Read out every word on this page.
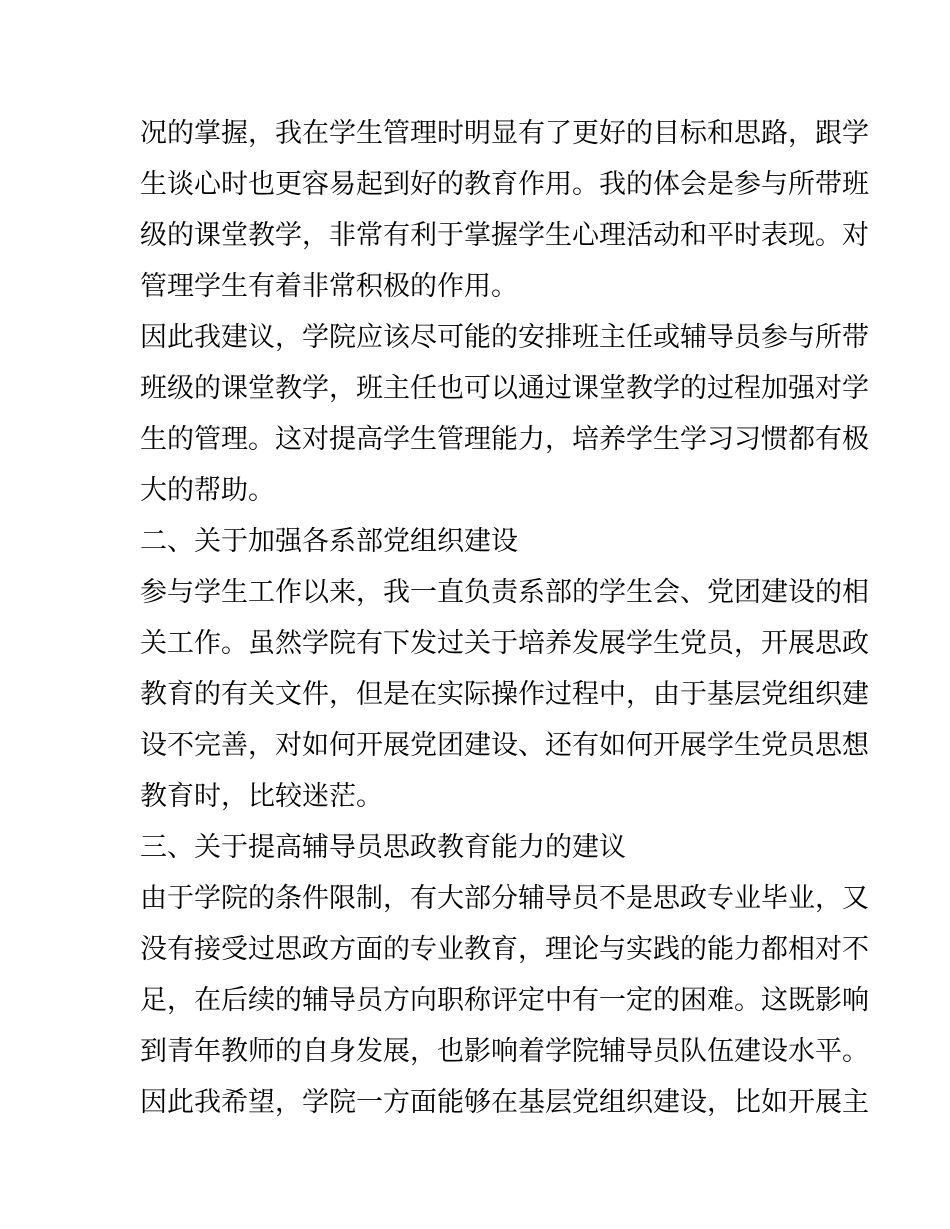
况的掌握，我在学生管理时明显有了更好的目标和思路，跟学
生谈心时也更容易起到好的教育作用。我的体会是参与所带班
级的课堂教学，非常有利于掌握学生心理活动和平时表现。对
管理学生有着非常积极的作用。
因此我建议，学院应该尽可能的安排班主任或辅导员参与所带
班级的课堂教学，班主任也可以通过课堂教学的过程加强对学
生的管理。这对提高学生管理能力，培养学生学习习惯都有极
大的帮助。
二、关于加强各系部党组织建设
参与学生工作以来，我一直负责系部的学生会、党团建设的相
关工作。虽然学院有下发过关于培养发展学生党员，开展思政
教育的有关文件，但是在实际操作过程中，由于基层党组织建
设不完善，对如何开展党团建设、还有如何开展学生党员思想
教育时，比较迷茫。
三、关于提高辅导员思政教育能力的建议
由于学院的条件限制，有大部分辅导员不是思政专业毕业，又
没有接受过思政方面的专业教育，理论与实践的能力都相对不
足，在后续的辅导员方向职称评定中有一定的困难。这既影响
到青年教师的自身发展，也影响着学院辅导员队伍建设水平。
因此我希望，学院一方面能够在基层党组织建设，比如开展主
